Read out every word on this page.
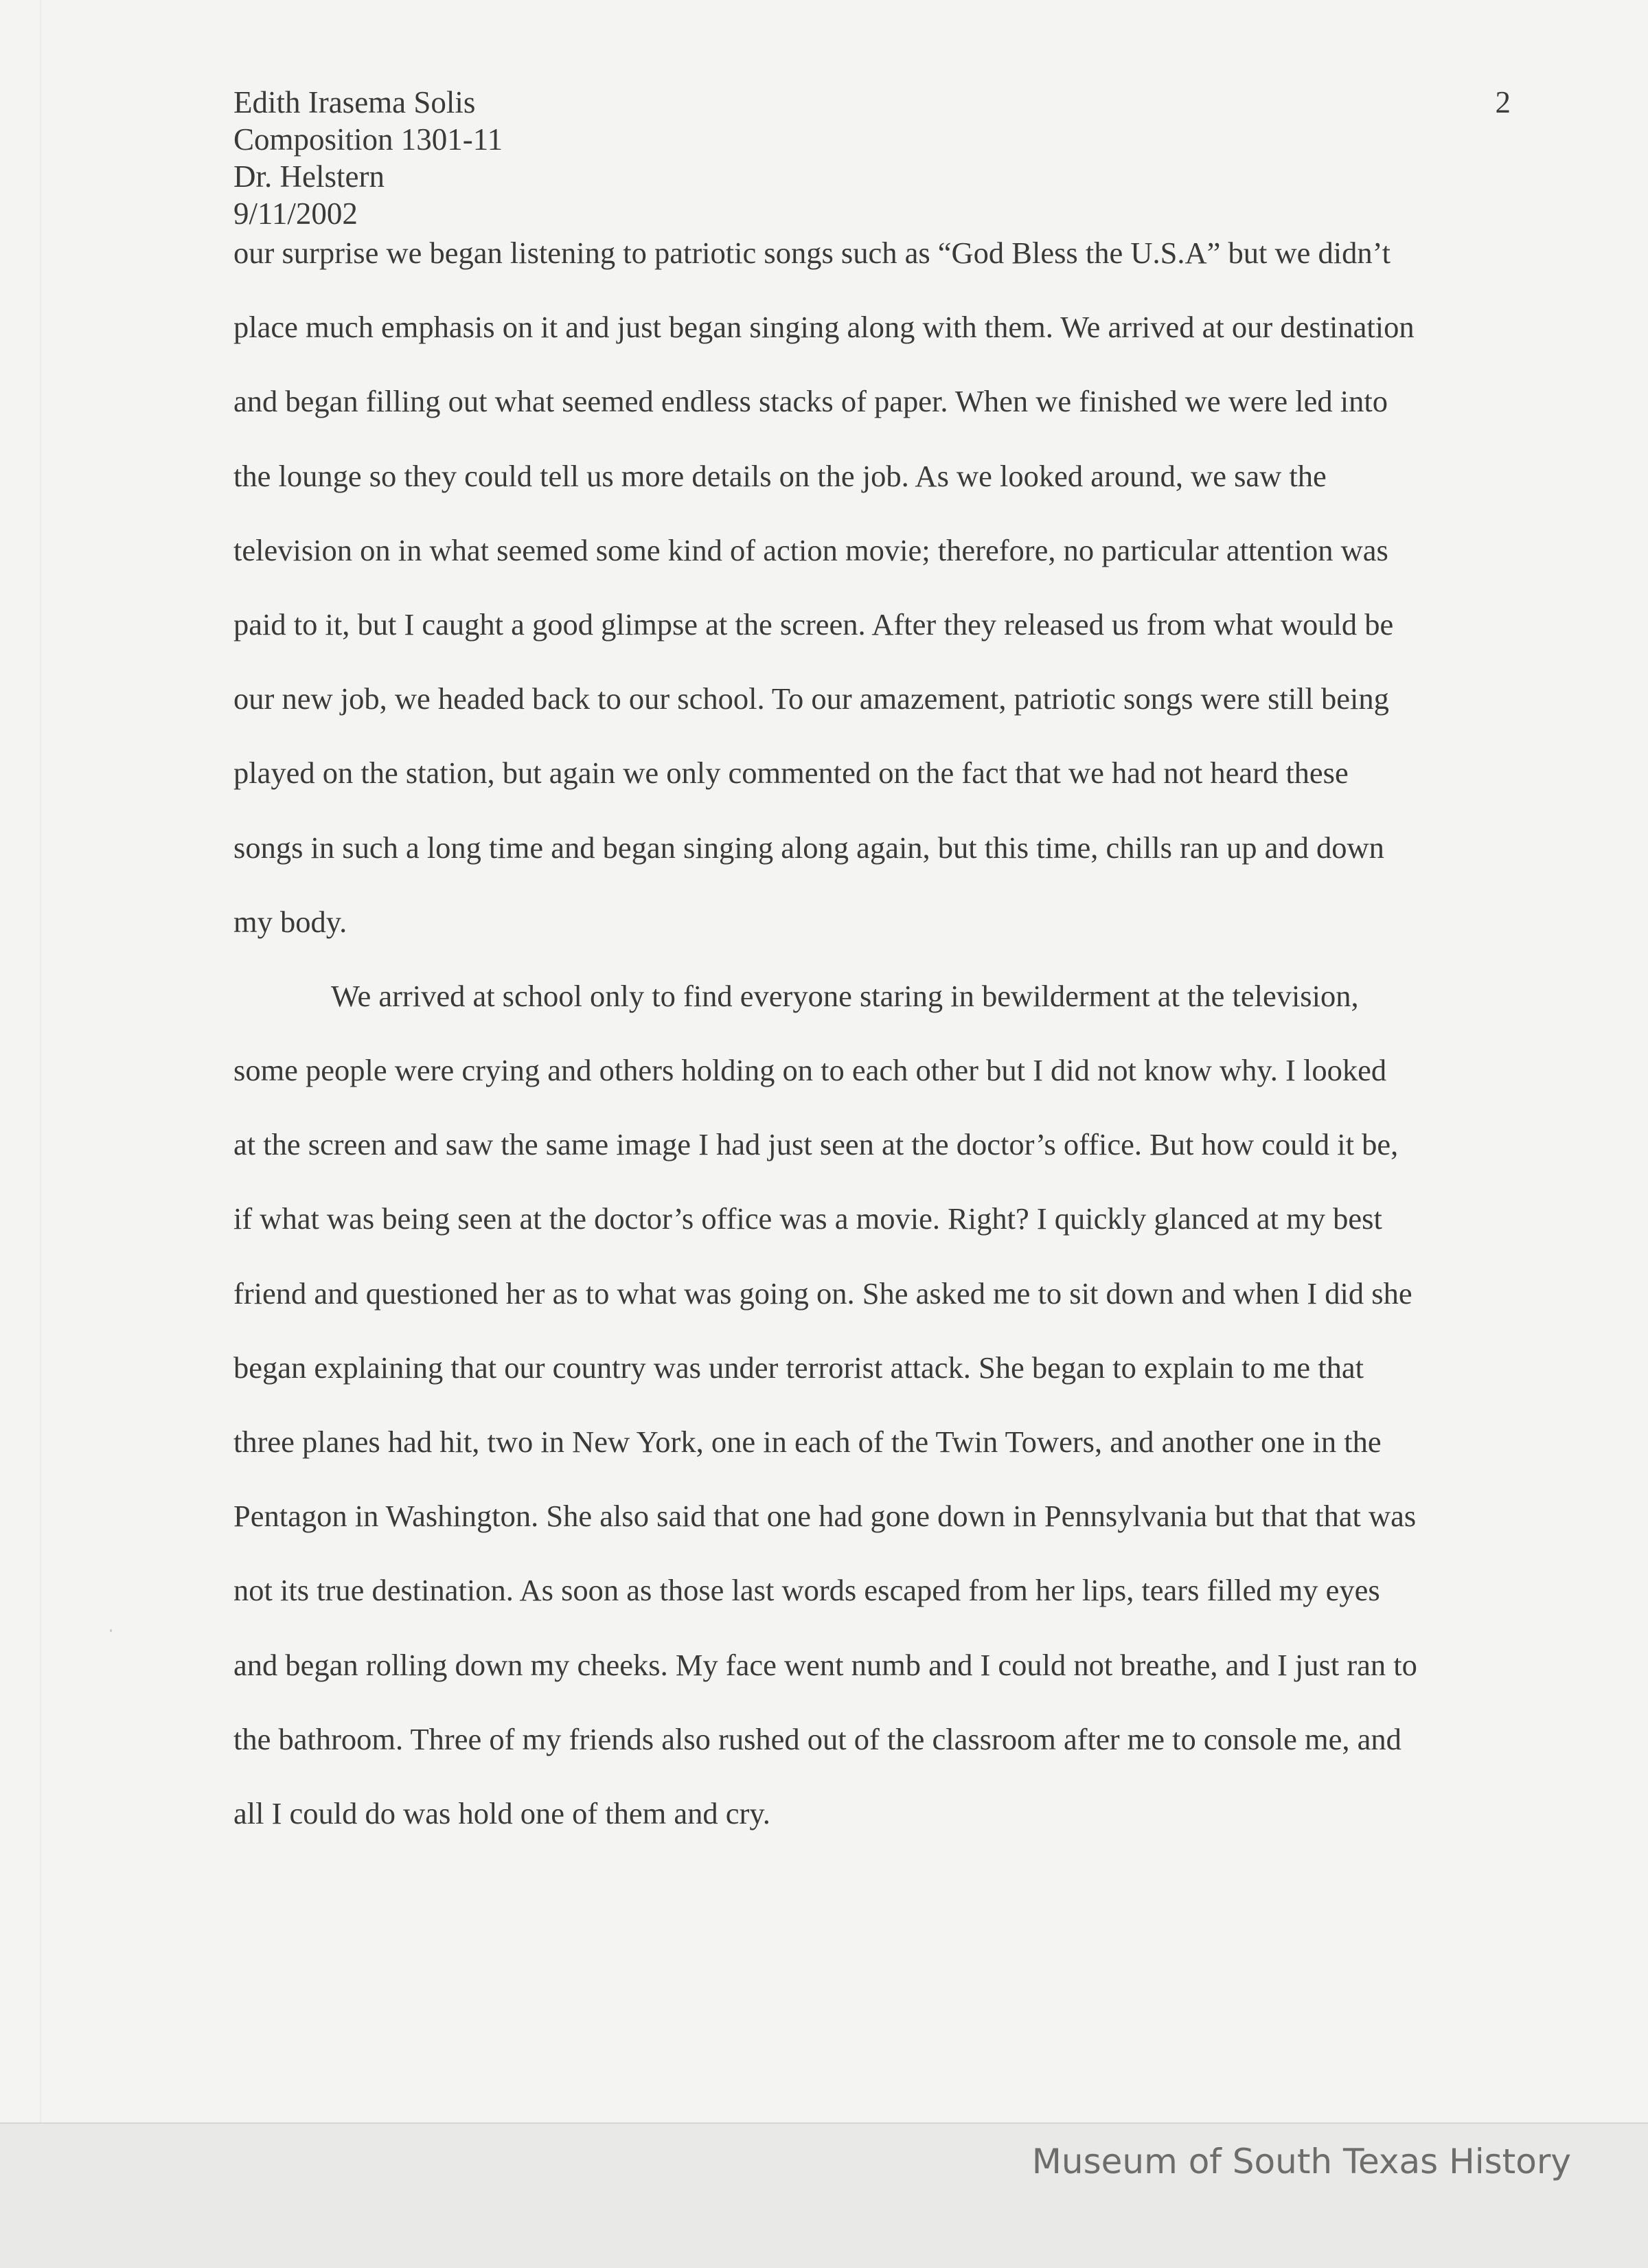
Edith Irasema Solis
Composition 1301-11
Dr. Helstern
9/11/2002
2
our surprise we began listening to patriotic songs such as “God Bless the U.S.A” but we didn’t
place much emphasis on it and just began singing along with them. We arrived at our destination
and began filling out what seemed endless stacks of paper. When we finished we were led into
the lounge so they could tell us more details on the job. As we looked around, we saw the
television on in what seemed some kind of action movie; therefore, no particular attention was
paid to it, but I caught a good glimpse at the screen. After they released us from what would be
our new job, we headed back to our school. To our amazement, patriotic songs were still being
played on the station, but again we only commented on the fact that we had not heard these
songs in such a long time and began singing along again, but this time, chills ran up and down
my body.
We arrived at school only to find everyone staring in bewilderment at the television,
some people were crying and others holding on to each other but I did not know why. I looked
at the screen and saw the same image I had just seen at the doctor’s office. But how could it be,
if what was being seen at the doctor’s office was a movie. Right? I quickly glanced at my best
friend and questioned her as to what was going on. She asked me to sit down and when I did she
began explaining that our country was under terrorist attack. She began to explain to me that
three planes had hit, two in New York, one in each of the Twin Towers, and another one in the
Pentagon in Washington. She also said that one had gone down in Pennsylvania but that that was
not its true destination. As soon as those last words escaped from her lips, tears filled my eyes
and began rolling down my cheeks. My face went numb and I could not breathe, and I just ran to
the bathroom. Three of my friends also rushed out of the classroom after me to console me, and
all I could do was hold one of them and cry.
Museum of South Texas History
